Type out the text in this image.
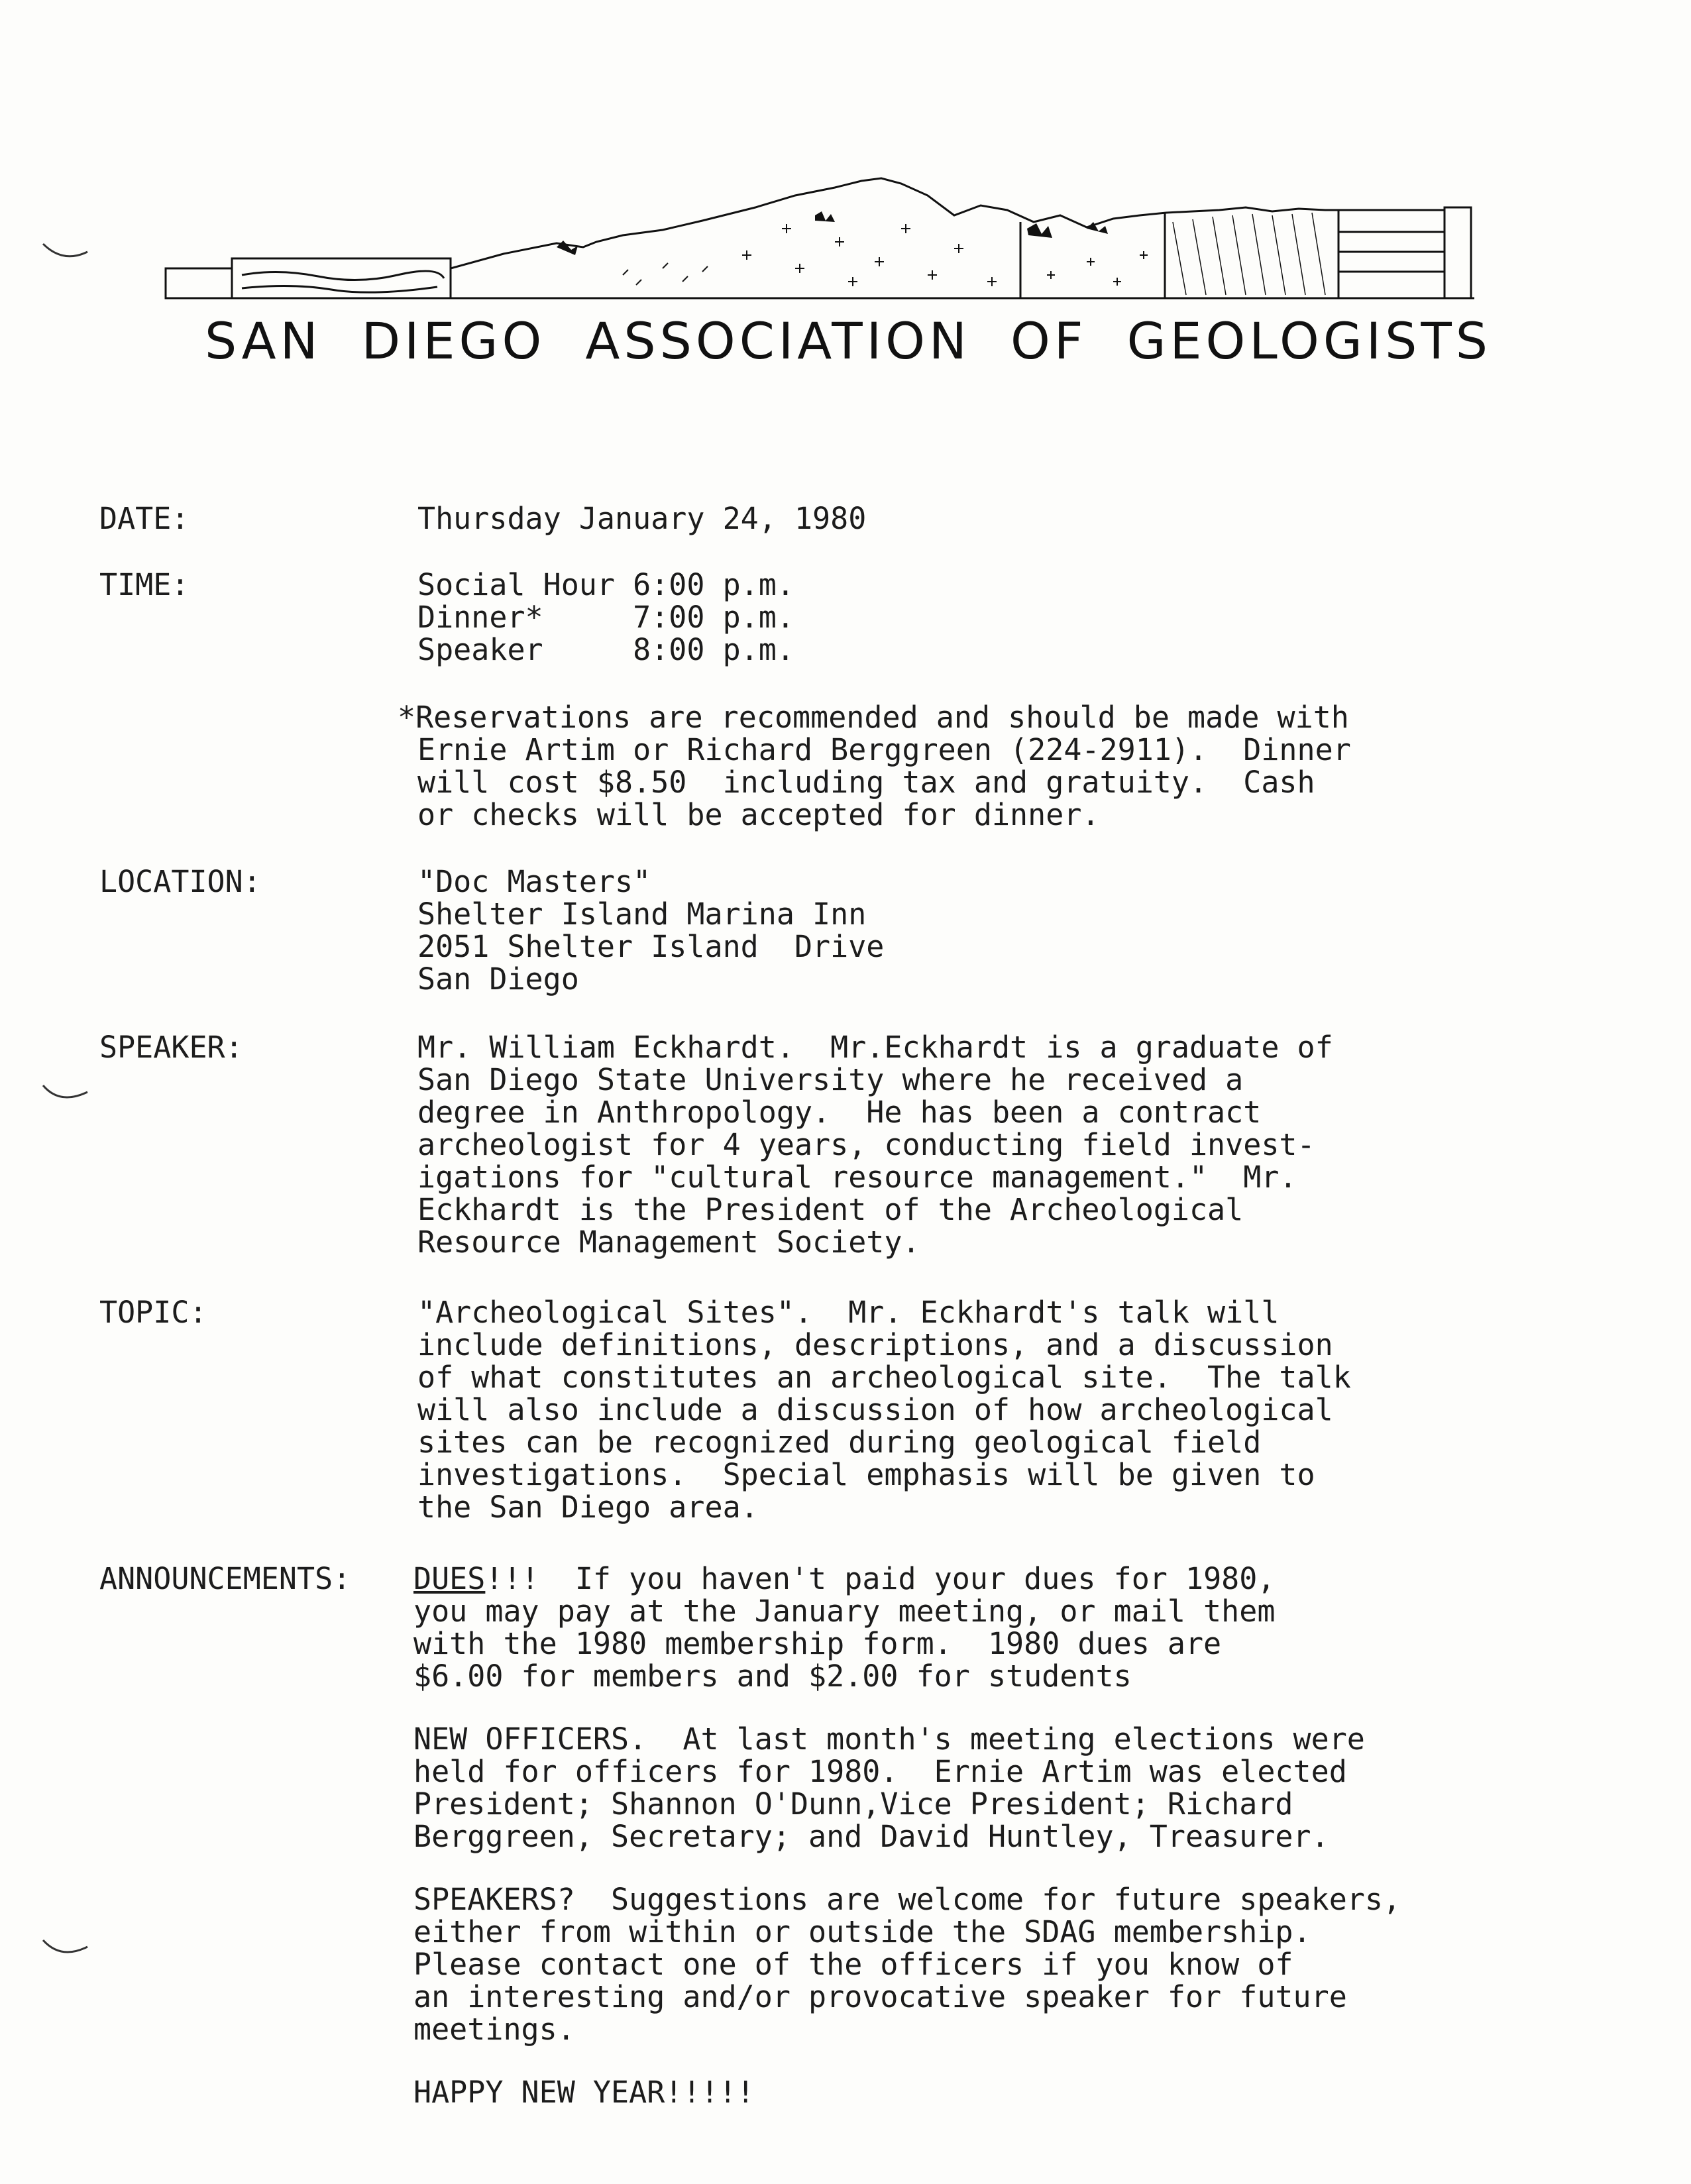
SAN DIEGO ASSOCIATION OF GEOLOGISTS
DATE:	Thursday January 24, 1980
TIME:	Social Hour 6:00 p.m.
Dinner*     7:00 p.m.
Speaker     8:00 p.m.
*Reservations are recommended and should be made with
Ernie Artim or Richard Berggreen (224-2911).  Dinner
will cost $8.50  including tax and gratuity.  Cash
or checks will be accepted for dinner.
LOCATION:	"Doc Masters"
Shelter Island Marina Inn
2051 Shelter Island  Drive
San Diego
SPEAKER:	Mr. William Eckhardt.  Mr.Eckhardt is a graduate of
San Diego State University where he received a
degree in Anthropology.  He has been a contract
archeologist for 4 years, conducting field invest-
igations for "cultural resource management."  Mr.
Eckhardt is the President of the Archeological
Resource Management Society.
TOPIC:	"Archeological Sites".  Mr. Eckhardt's talk will
include definitions, descriptions, and a discussion
of what constitutes an archeological site.  The talk
will also include a discussion of how archeological
sites can be recognized during geological field
investigations.  Special emphasis will be given to
the San Diego area.
ANNOUNCEMENTS: DUES!!!  If you haven't paid your dues for 1980,
you may pay at the January meeting, or mail them
with the 1980 membership form.  1980 dues are
$6.00 for members and $2.00 for students
NEW OFFICERS.  At last month's meeting elections were
held for officers for 1980.  Ernie Artim was elected
President; Shannon O'Dunn,Vice President; Richard
Berggreen, Secretary; and David Huntley, Treasurer.
SPEAKERS?  Suggestions are welcome for future speakers,
either from within or outside the SDAG membership.
Please contact one of the officers if you know of
an interesting and/or provocative speaker for future
meetings.
HAPPY NEW YEAR!!!!!
